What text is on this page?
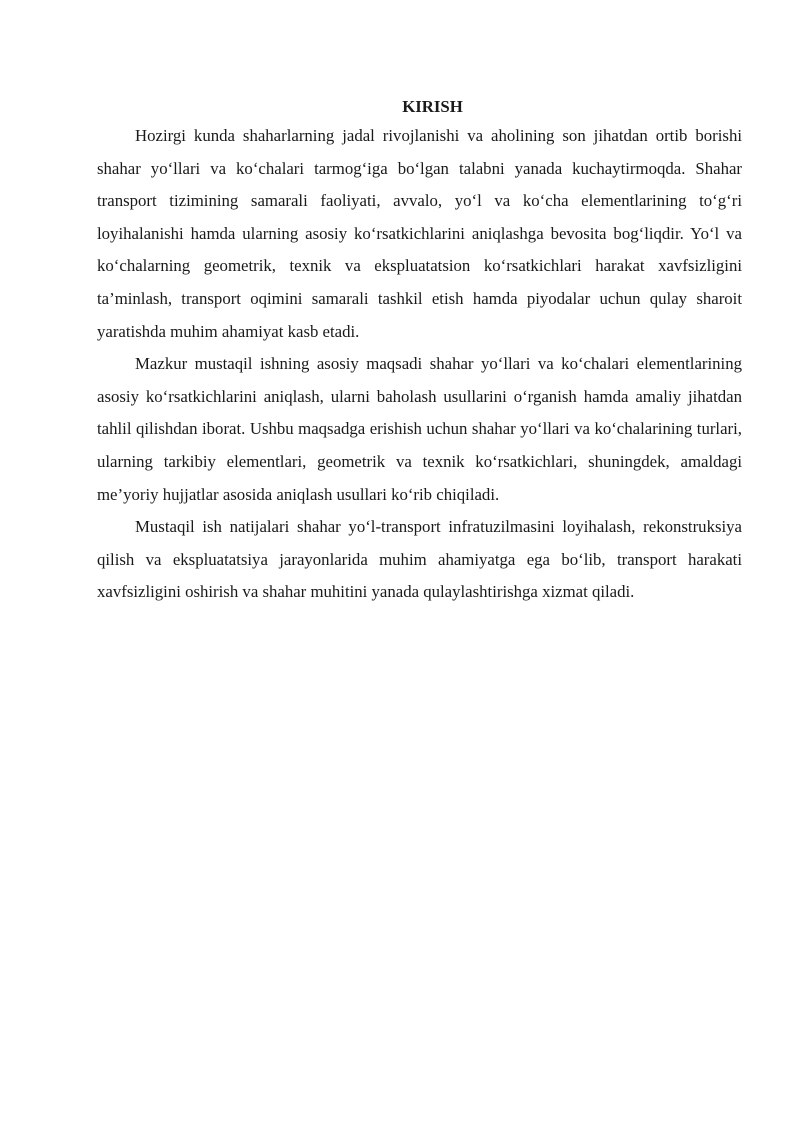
KIRISH

Hozirgi kunda shaharlarning jadal rivojlanishi va aholining son jihatdan ortib borishi shahar yo‘llari va ko‘chalari tarmog‘iga bo‘lgan talabni yanada kuchaytirmoqda. Shahar transport tizimining samarali faoliyati, avvalo, yo‘l va ko‘cha elementlarining to‘g‘ri loyihalanishi hamda ularning asosiy ko‘rsatkichlarini aniqlashga bevosita bog‘liqdir. Yo‘l va ko‘chalarning geometrik, texnik va ekspluatatsion ko‘rsatkichlari harakat xavfsizligini ta’minlash, transport oqimini samarali tashkil etish hamda piyodalar uchun qulay sharoit yaratishda muhim ahamiyat kasb etadi.

Mazkur mustaqil ishning asosiy maqsadi shahar yo‘llari va ko‘chalari elementlarining asosiy ko‘rsatkichlarini aniqlash, ularni baholash usullarini o‘rganish hamda amaliy jihatdan tahlil qilishdan iborat. Ushbu maqsadga erishish uchun shahar yo‘llari va ko‘chalarining turlari, ularning tarkibiy elementlari, geometrik va texnik ko‘rsatkichlari, shuningdek, amaldagi me’yoriy hujjatlar asosida aniqlash usullari ko‘rib chiqiladi.

Mustaqil ish natijalari shahar yo‘l-transport infratuzilmasini loyihalash, rekonstruksiya qilish va ekspluatatsiya jarayonlarida muhim ahamiyatga ega bo‘lib, transport harakati xavfsizligini oshirish va shahar muhitini yanada qulaylashtirishga xizmat qiladi.
